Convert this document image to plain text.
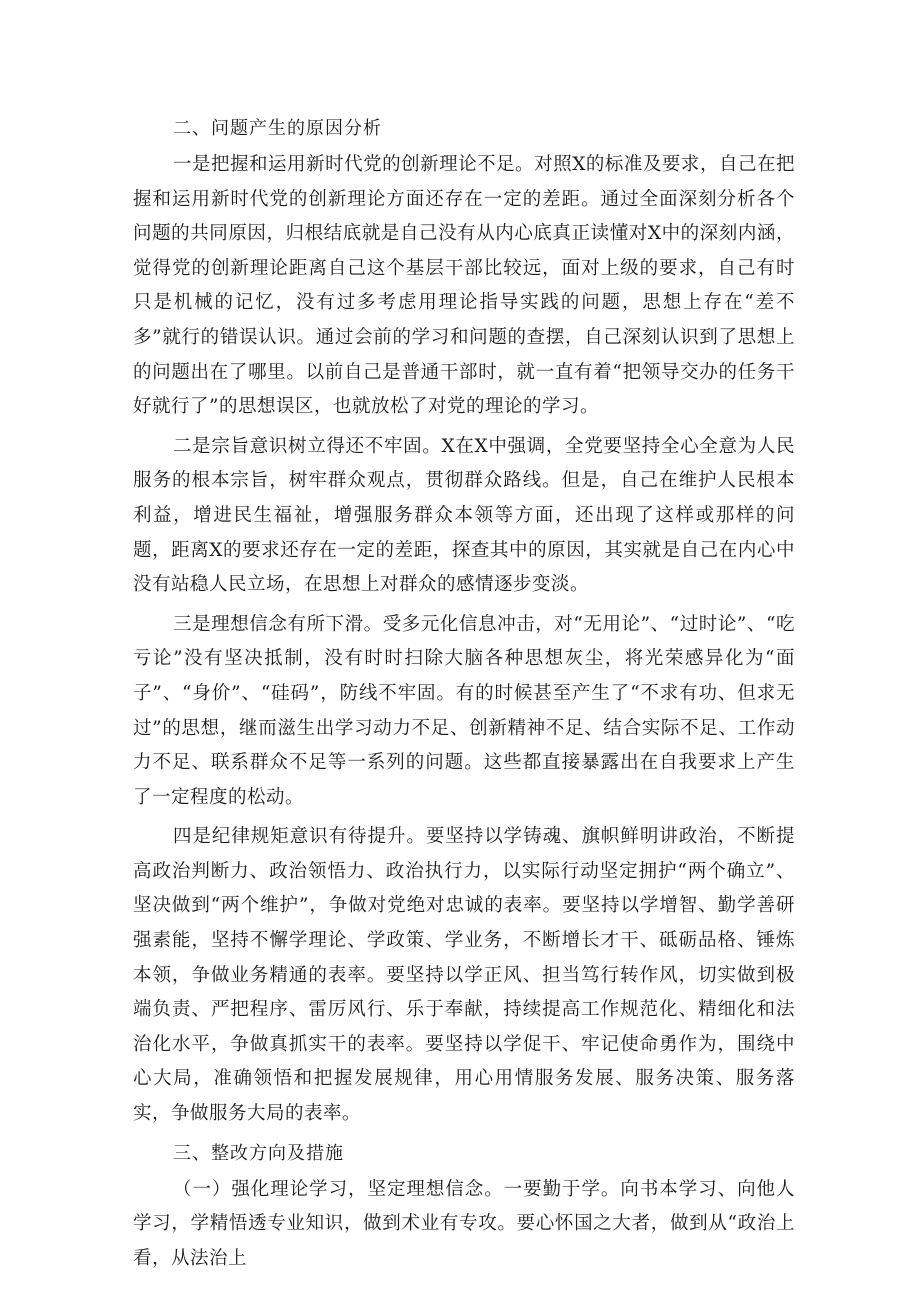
二、问题产生的原因分析

一是把握和运用新时代党的创新理论不足。对照X的标准及要求，自己在把握和运用新时代党的创新理论方面还存在一定的差距。通过全面深刻分析各个问题的共同原因，归根结底就是自己没有从内心底真正读懂对X中的深刻内涵，觉得党的创新理论距离自己这个基层干部比较远，面对上级的要求，自己有时只是机械的记忆，没有过多考虑用理论指导实践的问题，思想上存在“差不多”就行的错误认识。通过会前的学习和问题的查摆，自己深刻认识到了思想上的问题出在了哪里。以前自己是普通干部时，就一直有着“把领导交办的任务干好就行了”的思想误区，也就放松了对党的理论的学习。

二是宗旨意识树立得还不牢固。X在X中强调，全党要坚持全心全意为人民服务的根本宗旨，树牢群众观点，贯彻群众路线。但是，自己在维护人民根本利益，增进民生福祉，增强服务群众本领等方面，还出现了这样或那样的问题，距离X的要求还存在一定的差距，探查其中的原因，其实就是自己在内心中没有站稳人民立场，在思想上对群众的感情逐步变淡。

三是理想信念有所下滑。受多元化信息冲击，对“无用论”、“过时论”、“吃亏论”没有坚决抵制，没有时时扫除大脑各种思想灰尘，将光荣感异化为“面子”、“身价”、“硅码”，防线不牢固。有的时候甚至产生了“不求有功、但求无过”的思想，继而滋生出学习动力不足、创新精神不足、结合实际不足、工作动力不足、联系群众不足等一系列的问题。这些都直接暴露出在自我要求上产生了一定程度的松动。

四是纪律规矩意识有待提升。要坚持以学铸魂、旗帜鲜明讲政治，不断提高政治判断力、政治领悟力、政治执行力，以实际行动坚定拥护“两个确立”、坚决做到“两个维护”，争做对党绝对忠诚的表率。要坚持以学增智、勤学善研强素能，坚持不懈学理论、学政策、学业务，不断增长才干、砥砺品格、锤炼本领，争做业务精通的表率。要坚持以学正风、担当笃行转作风，切实做到极端负责、严把程序、雷厉风行、乐于奉献，持续提高工作规范化、精细化和法治化水平，争做真抓实干的表率。要坚持以学促干、牢记使命勇作为，围绕中心大局，准确领悟和把握发展规律，用心用情服务发展、服务决策、服务落实，争做服务大局的表率。

三、整改方向及措施

（一）强化理论学习，坚定理想信念。一要勤于学。向书本学习、向他人学习，学精悟透专业知识，做到术业有专攻。要心怀国之大者，做到从“政治上看，从法治上
